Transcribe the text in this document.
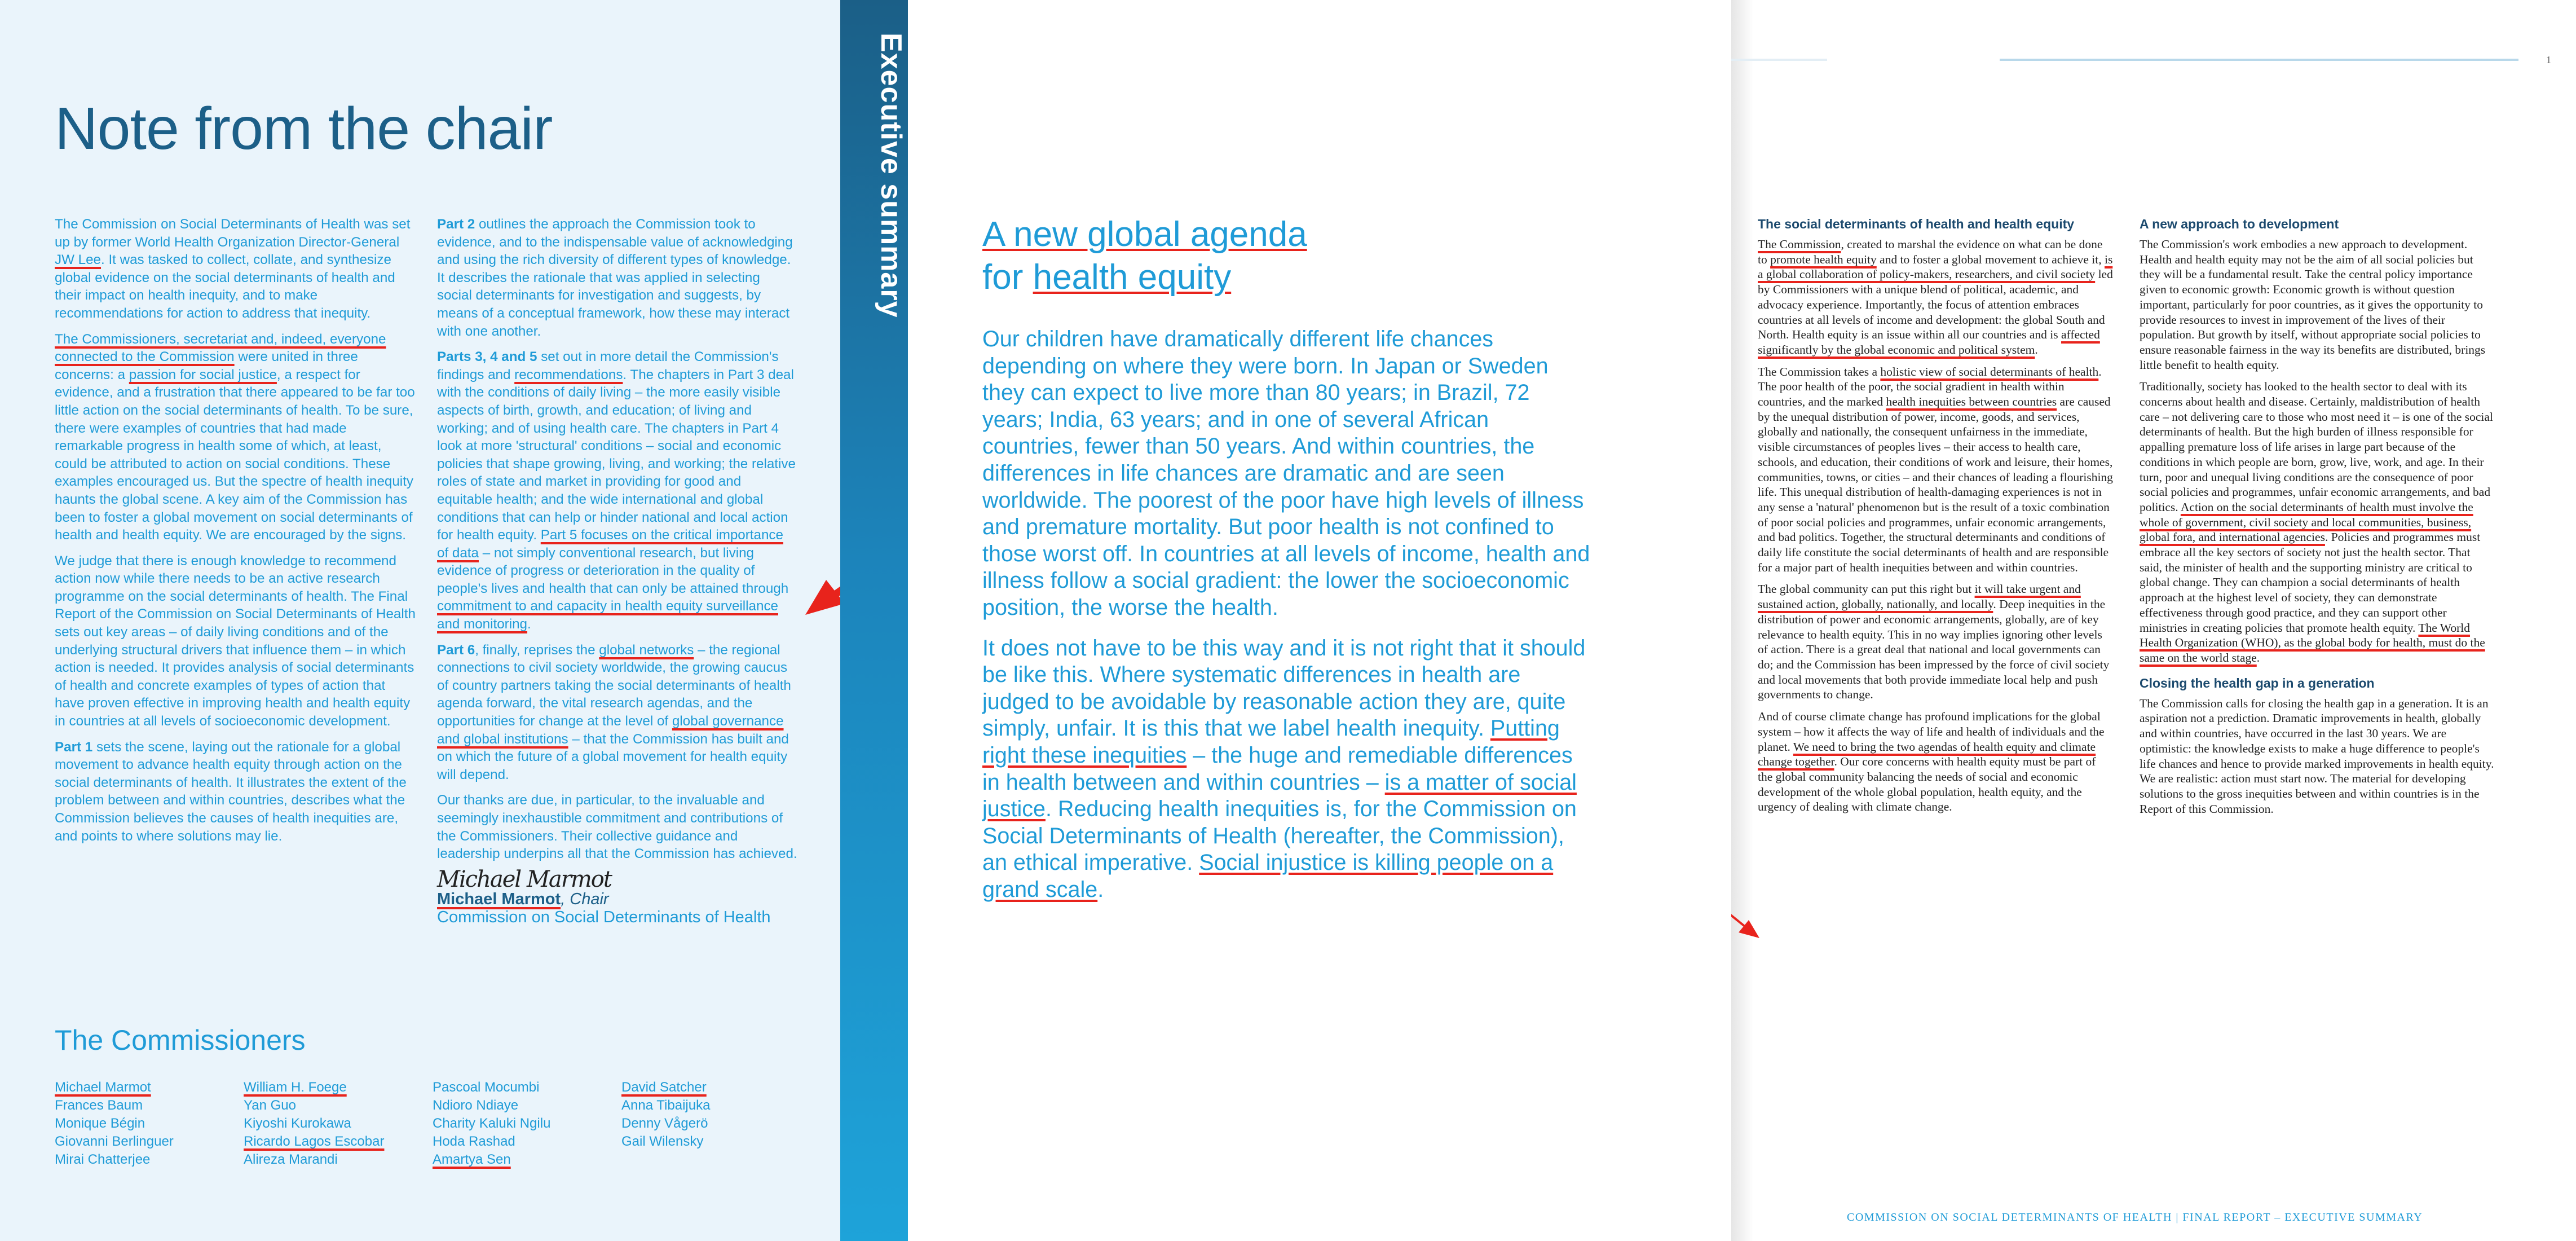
Note from the chair

The Commission on Social Determinants of Health was set up by former World Health Organization Director-General JW Lee. It was tasked to collect, collate, and synthesize global evidence on the social determinants of health and their impact on health inequity, and to make recommendations for action to address that inequity.

The Commissioners, secretariat and, indeed, everyone connected to the Commission were united in three concerns: a passion for social justice, a respect for evidence, and a frustration that there appeared to be far too little action on the social determinants of health. To be sure, there were examples of countries that had made remarkable progress in health some of which, at least, could be attributed to action on social conditions. These examples encouraged us. But the spectre of health inequity haunts the global scene. A key aim of the Commission has been to foster a global movement on social determinants of health and health equity. We are encouraged by the signs.

We judge that there is enough knowledge to recommend action now while there needs to be an active research programme on the social determinants of health. The Final Report of the Commission on Social Determinants of Health sets out key areas – of daily living conditions and of the underlying structural drivers that influence them – in which action is needed. It provides analysis of social determinants of health and concrete examples of types of action that have proven effective in improving health and health equity in countries at all levels of socioeconomic development.

Part 1 sets the scene, laying out the rationale for a global movement to advance health equity through action on the social determinants of health. It illustrates the extent of the problem between and within countries, describes what the Commission believes the causes of health inequities are, and points to where solutions may lie.

Part 2 outlines the approach the Commission took to evidence, and to the indispensable value of acknowledging and using the rich diversity of different types of knowledge. It describes the rationale that was applied in selecting social determinants for investigation and suggests, by means of a conceptual framework, how these may interact with one another.

Parts 3, 4 and 5 set out in more detail the Commission's findings and recommendations. The chapters in Part 3 deal with the conditions of daily living – the more easily visible aspects of birth, growth, and education; of living and working; and of using health care. The chapters in Part 4 look at more 'structural' conditions – social and economic policies that shape growing, living, and working; the relative roles of state and market in providing for good and equitable health; and the wide international and global conditions that can help or hinder national and local action for health equity. Part 5 focuses on the critical importance of data – not simply conventional research, but living evidence of progress or deterioration in the quality of people's lives and health that can only be attained through commitment to and capacity in health equity surveillance and monitoring.

Part 6, finally, reprises the global networks – the regional connections to civil society worldwide, the growing caucus of country partners taking the social determinants of health agenda forward, the vital research agendas, and the opportunities for change at the level of global governance and global institutions – that the Commission has built and on which the future of a global movement for health equity will depend.

Our thanks are due, in particular, to the invaluable and seemingly inexhaustible commitment and contributions of the Commissioners. Their collective guidance and leadership underpins all that the Commission has achieved.

Michael Marmot
Michael Marmot, Chair
Commission on Social Determinants of Health
The Commissioners
Michael Marmot
Frances Baum
Monique Bégin
Giovanni Berlinguer
Mirai Chatterjee
William H. Foege
Yan Guo
Kiyoshi Kurokawa
Ricardo Lagos Escobar
Alireza Marandi
Pascoal Mocumbi
Ndioro Ndiaye
Charity Kaluki Ngilu
Hoda Rashad
Amartya Sen
David Satcher
Anna Tibaijuka
Denny Vågerö
Gail Wilensky
Executive summary A new global agenda
for health equity

Our children have dramatically different life chances depending on where they were born. In Japan or Sweden they can expect to live more than 80 years; in Brazil, 72 years; India, 63 years; and in one of several African countries, fewer than 50 years. And within countries, the differences in life chances are dramatic and are seen worldwide. The poorest of the poor have high levels of illness and premature mortality. But poor health is not confined to those worst off. In countries at all levels of income, health and illness follow a social gradient: the lower the socioeconomic position, the worse the health.

It does not have to be this way and it is not right that it should be like this. Where systematic differences in health are judged to be avoidable by reasonable action they are, quite simply, unfair. It is this that we label health inequity. Putting right these inequities – the huge and remediable differences in health between and within countries – is a matter of social justice. Reducing health inequities is, for the Commission on Social Determinants of Health (hereafter, the Commission), an ethical imperative. Social injustice is killing people on a grand scale.

1
The social determinants of health and health equity

The Commission, created to marshal the evidence on what can be done to promote health equity and to foster a global movement to achieve it, is a global collaboration of policy-makers, researchers, and civil society led by Commissioners with a unique blend of political, academic, and advocacy experience. Importantly, the focus of attention embraces countries at all levels of income and development: the global South and North. Health equity is an issue within all our countries and is affected significantly by the global economic and political system.

The Commission takes a holistic view of social determinants of health. The poor health of the poor, the social gradient in health within countries, and the marked health inequities between countries are caused by the unequal distribution of power, income, goods, and services, globally and nationally, the consequent unfairness in the immediate, visible circumstances of peoples lives – their access to health care, schools, and education, their conditions of work and leisure, their homes, communities, towns, or cities – and their chances of leading a flourishing life. This unequal distribution of health-damaging experiences is not in any sense a 'natural' phenomenon but is the result of a toxic combination of poor social policies and programmes, unfair economic arrangements, and bad politics. Together, the structural determinants and conditions of daily life constitute the social determinants of health and are responsible for a major part of health inequities between and within countries.

The global community can put this right but it will take urgent and sustained action, globally, nationally, and locally. Deep inequities in the distribution of power and economic arrangements, globally, are of key relevance to health equity. This in no way implies ignoring other levels of action. There is a great deal that national and local governments can do; and the Commission has been impressed by the force of civil society and local movements that both provide immediate local help and push governments to change.

And of course climate change has profound implications for the global system – how it affects the way of life and health of individuals and the planet. We need to bring the two agendas of health equity and climate change together. Our core concerns with health equity must be part of the global community balancing the needs of social and economic development of the whole global population, health equity, and the urgency of dealing with climate change.

A new approach to development

The Commission's work embodies a new approach to development. Health and health equity may not be the aim of all social policies but they will be a fundamental result. Take the central policy importance given to economic growth: Economic growth is without question important, particularly for poor countries, as it gives the opportunity to provide resources to invest in improvement of the lives of their population. But growth by itself, without appropriate social policies to ensure reasonable fairness in the way its benefits are distributed, brings little benefit to health equity.

Traditionally, society has looked to the health sector to deal with its concerns about health and disease. Certainly, maldistribution of health care – not delivering care to those who most need it – is one of the social determinants of health. But the high burden of illness responsible for appalling premature loss of life arises in large part because of the conditions in which people are born, grow, live, work, and age. In their turn, poor and unequal living conditions are the consequence of poor social policies and programmes, unfair economic arrangements, and bad politics. Action on the social determinants of health must involve the whole of government, civil society and local communities, business, global fora, and international agencies. Policies and programmes must embrace all the key sectors of society not just the health sector. That said, the minister of health and the supporting ministry are critical to global change. They can champion a social determinants of health approach at the highest level of society, they can demonstrate effectiveness through good practice, and they can support other ministries in creating policies that promote health equity. The World Health Organization (WHO), as the global body for health, must do the same on the world stage.

Closing the health gap in a generation

The Commission calls for closing the health gap in a generation. It is an aspiration not a prediction. Dramatic improvements in health, globally and within countries, have occurred in the last 30 years. We are optimistic: the knowledge exists to make a huge difference to people's life chances and hence to provide marked improvements in health equity. We are realistic: action must start now. The material for developing solutions to the gross inequities between and within countries is in the Report of this Commission.

COMMISSION ON SOCIAL DETERMINANTS OF HEALTH | FINAL REPORT – EXECUTIVE SUMMARY
